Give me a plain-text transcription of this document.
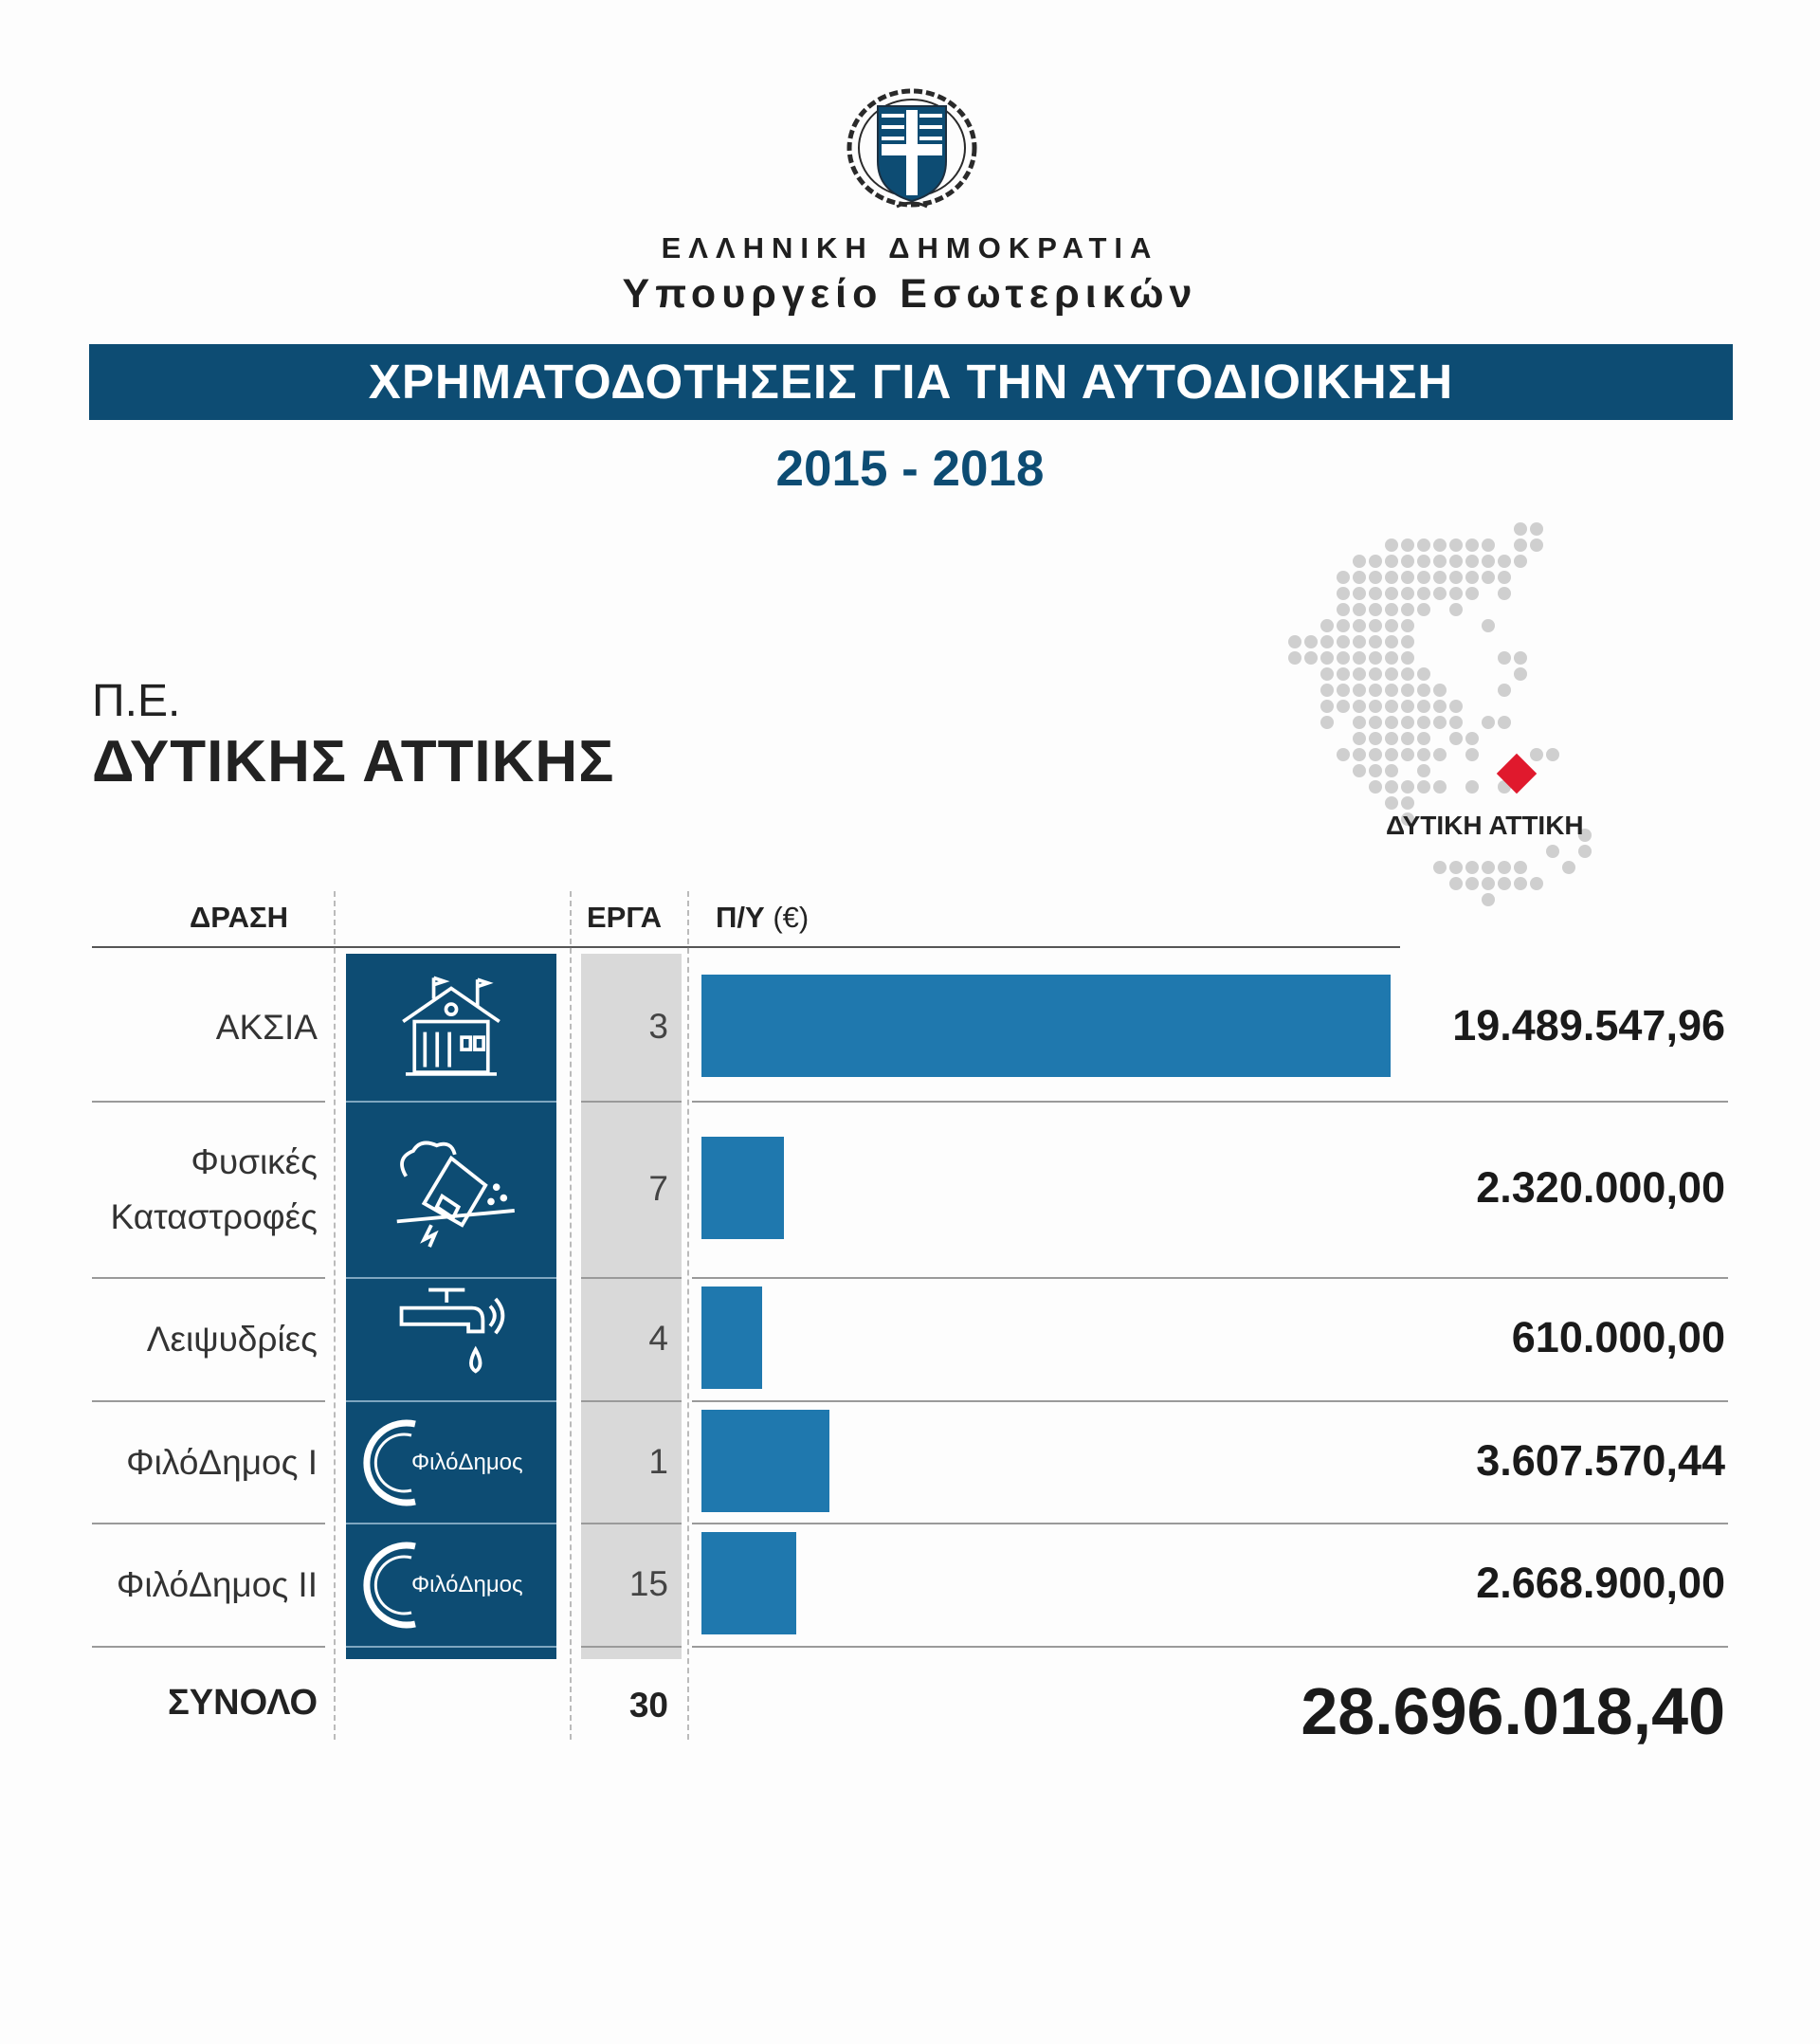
ΕΛΛΗΝΙΚΗ ΔΗΜΟΚΡΑΤΙΑ
Υπουργείο Εσωτερικών
ΧΡΗΜΑΤΟΔΟΤΗΣΕΙΣ ΓΙΑ ΤΗΝ ΑΥΤΟΔΙΟΙΚΗΣΗ
2015 - 2018
Π.Ε.
ΔΥΤΙΚΗΣ ΑΤΤΙΚΗΣ
ΔΥΤΙΚΗ ΑΤΤΙΚΗ
ΔΡΑΣΗ	ΕΡΓΑ Π/Υ (€)
ΑΚΣΙΑ	3	19.489.547,96
Φυσικές
Καταστροφές
7	2.320.000,00
Λειψυδρίες	4	610.000,00
ΦιλόΔημος Ι	ΦιλόΔημος	1	3.607.570,44
ΦιλόΔημος ΙΙ	ΦιλόΔημος	15	2.668.900,00
ΣΥΝΟΛΟ	30	28.696.018,40
